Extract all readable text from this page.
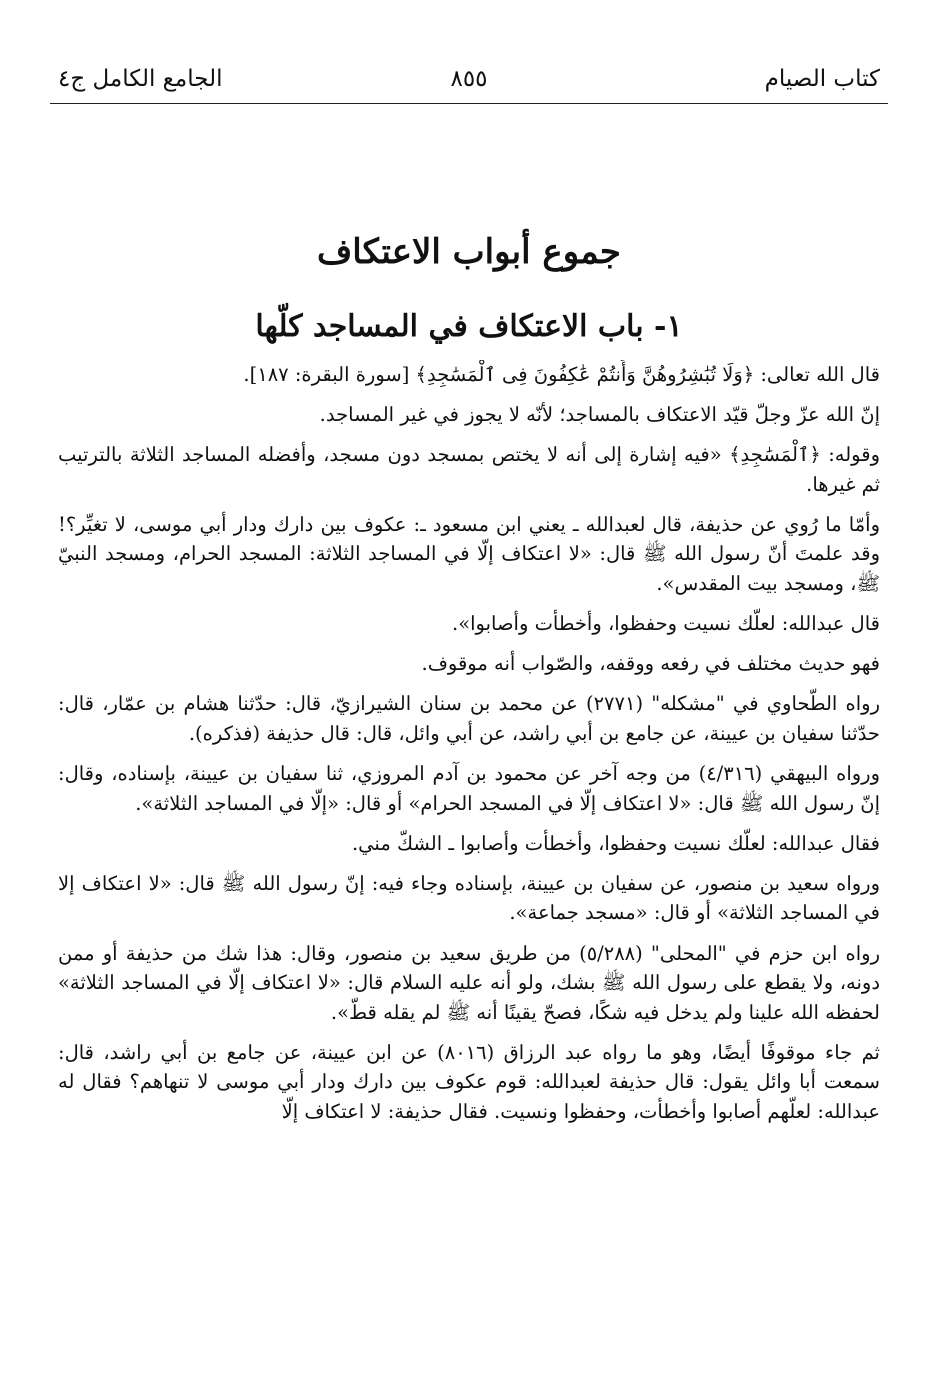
كتاب الصيام
٨٥٥
الجامع الكامل ج٤
جموع أبواب الاعتكاف
١- باب الاعتكاف في المساجد كلّها

قال الله تعالى: ﴿وَلَا تُبَٰشِرُوهُنَّ وَأَنتُمْ عَٰكِفُونَ فِى ٱلْمَسَٰجِدِ﴾ [سورة البقرة: ١٨٧].

إنّ الله عزّ وجلّ قيّد الاعتكاف بالمساجد؛ لأنّه لا يجوز في غير المساجد.

وقوله: ﴿ٱلْمَسَٰجِدِ﴾ «فيه إشارة إلى أنه لا يختص بمسجد دون مسجد، وأفضله المساجد الثلاثة بالترتيب ثم غيرها.

وأمّا ما رُوي عن حذيفة، قال لعبدالله ـ يعني ابن مسعود ـ: عكوف بين دارك ودار أبي موسى، لا تغيِّر؟! وقد علمتَ أنّ رسول الله ﷺ قال: «لا اعتكاف إلّا في المساجد الثلاثة: المسجد الحرام، ومسجد النبيّ ﷺ، ومسجد بيت المقدس».

قال عبدالله: لعلّك نسيت وحفظوا، وأخطأت وأصابوا».

فهو حديث مختلف في رفعه ووقفه، والصّواب أنه موقوف.

رواه الطّحاوي في "مشكله" (٢٧٧١) عن محمد بن سنان الشيرازيّ، قال: حدّثنا هشام بن عمّار، قال: حدّثنا سفيان بن عيينة، عن جامع بن أبي راشد، عن أبي وائل، قال: قال حذيفة (فذكره).

ورواه البيهقي (٤/٣١٦) من وجه آخر عن محمود بن آدم المروزي، ثنا سفيان بن عيينة، بإسناده، وقال: إنّ رسول الله ﷺ قال: «لا اعتكاف إلّا في المسجد الحرام» أو قال: «إلّا في المساجد الثلاثة».

فقال عبدالله: لعلّك نسيت وحفظوا، وأخطأت وأصابوا ـ الشكّ مني.

ورواه سعيد بن منصور، عن سفيان بن عيينة، بإسناده وجاء فيه: إنّ رسول الله ﷺ قال: «لا اعتكاف إلا في المساجد الثلاثة» أو قال: «مسجد جماعة».

رواه ابن حزم في "المحلى" (٥/٢٨٨) من طريق سعيد بن منصور، وقال: هذا شك من حذيفة أو ممن دونه، ولا يقطع على رسول الله ﷺ بشك، ولو أنه عليه السلام قال: «لا اعتكاف إلّا في المساجد الثلاثة» لحفظه الله علينا ولم يدخل فيه شكًا، فصحّ يقينًا أنه ﷺ لم يقله قطّ».

ثم جاء موقوفًا أيضًا، وهو ما رواه عبد الرزاق (٨٠١٦) عن ابن عيينة، عن جامع بن أبي راشد، قال: سمعت أبا وائل يقول: قال حذيفة لعبدالله: قوم عكوف بين دارك ودار أبي موسى لا تنهاهم؟ فقال له عبدالله: لعلّهم أصابوا وأخطأت، وحفظوا ونسيت. فقال حذيفة: لا اعتكاف إلّا
